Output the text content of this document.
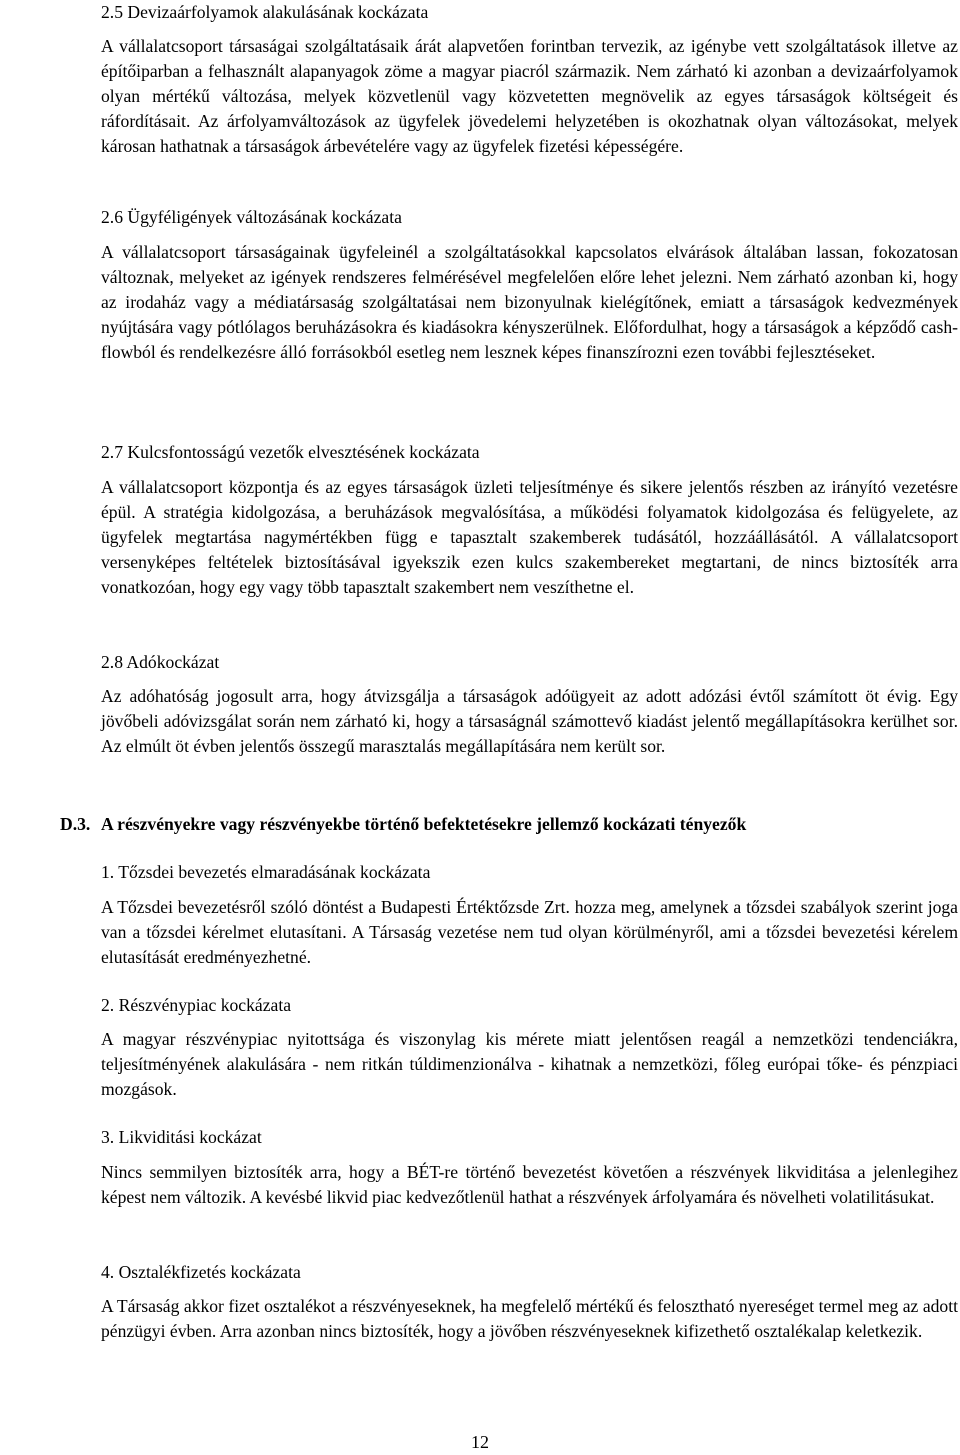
2.5 Devizaárfolyamok alakulásának kockázata

A vállalatcsoport társaságai szolgáltatásaik árát alapvetően forintban tervezik, az igénybe vett szolgáltatások illetve az építőiparban a felhasznált alapanyagok zöme a magyar piacról származik. Nem zárható ki azonban a devizaárfolyamok olyan mértékű változása, melyek közvetlenül vagy közvetetten megnövelik az egyes társaságok költségeit és ráfordításait. Az árfolyamváltozások az ügyfelek jövedelemi helyzetében is okozhatnak olyan változásokat, melyek károsan hathatnak a társaságok árbevételére vagy az ügyfelek fizetési képességére.

2.6 Ügyféligények változásának kockázata

A vállalatcsoport társaságainak ügyfeleinél a szolgáltatásokkal kapcsolatos elvárások általában lassan, fokozatosan változnak, melyeket az igények rendszeres felmérésével megfelelően előre lehet jelezni. Nem zárható azonban ki, hogy az irodaház vagy a médiatársaság szolgáltatásai nem bizonyulnak kielégítőnek, emiatt a társaságok kedvezmények nyújtására vagy pótlólagos beruházásokra és kiadásokra kényszerülnek. Előfordulhat, hogy a társaságok a képződő cash-flowból és rendelkezésre álló forrásokból esetleg nem lesznek képes finanszírozni ezen további fejlesztéseket.

2.7 Kulcsfontosságú vezetők elvesztésének kockázata

A vállalatcsoport központja és az egyes társaságok üzleti teljesítménye és sikere jelentős részben az irányító vezetésre épül. A stratégia kidolgozása, a beruházások megvalósítása, a működési folyamatok kidolgozása és felügyelete, az ügyfelek megtartása nagymértékben függ e tapasztalt szakemberek tudásától, hozzáállásától. A vállalatcsoport versenyképes feltételek biztosításával igyekszik ezen kulcs szakembereket megtartani, de nincs biztosíték arra vonatkozóan, hogy egy vagy több tapasztalt szakembert nem veszíthetne el.

2.8 Adókockázat

Az adóhatóság jogosult arra, hogy átvizsgálja a társaságok adóügyeit az adott adózási évtől számított öt évig. Egy jövőbeli adóvizsgálat során nem zárható ki, hogy a társaságnál számottevő kiadást jelentő megállapításokra kerülhet sor. Az elmúlt öt évben jelentős összegű marasztalás megállapítására nem került sor.

D.3. A részvényekre vagy részvényekbe történő befektetésekre jellemző kockázati tényezők
1. Tőzsdei bevezetés elmaradásának kockázata

A Tőzsdei bevezetésről szóló döntést a Budapesti Értéktőzsde Zrt. hozza meg, amelynek a tőzsdei szabályok szerint joga van a tőzsdei kérelmet elutasítani. A Társaság vezetése nem tud olyan körülményről, ami a tőzsdei bevezetési kérelem elutasítását eredményezhetné.

2. Részvénypiac kockázata

A magyar részvénypiac nyitottsága és viszonylag kis mérete miatt jelentősen reagál a nemzetközi tendenciákra, teljesítményének alakulására - nem ritkán túldimenzionálva - kihatnak a nemzetközi, főleg európai tőke- és pénzpiaci mozgások.

3. Likviditási kockázat

Nincs semmilyen biztosíték arra, hogy a BÉT-re történő bevezetést követően a részvények likviditása a jelenlegihez képest nem változik. A kevésbé likvid piac kedvezőtlenül hathat a részvények árfolyamára és növelheti volatilitásukat.

4. Osztalékfizetés kockázata

A Társaság akkor fizet osztalékot a részvényeseknek, ha megfelelő mértékű és felosztható nyereséget termel meg az adott pénzügyi évben. Arra azonban nincs biztosíték, hogy a jövőben részvényeseknek kifizethető osztalékalap keletkezik.

12
